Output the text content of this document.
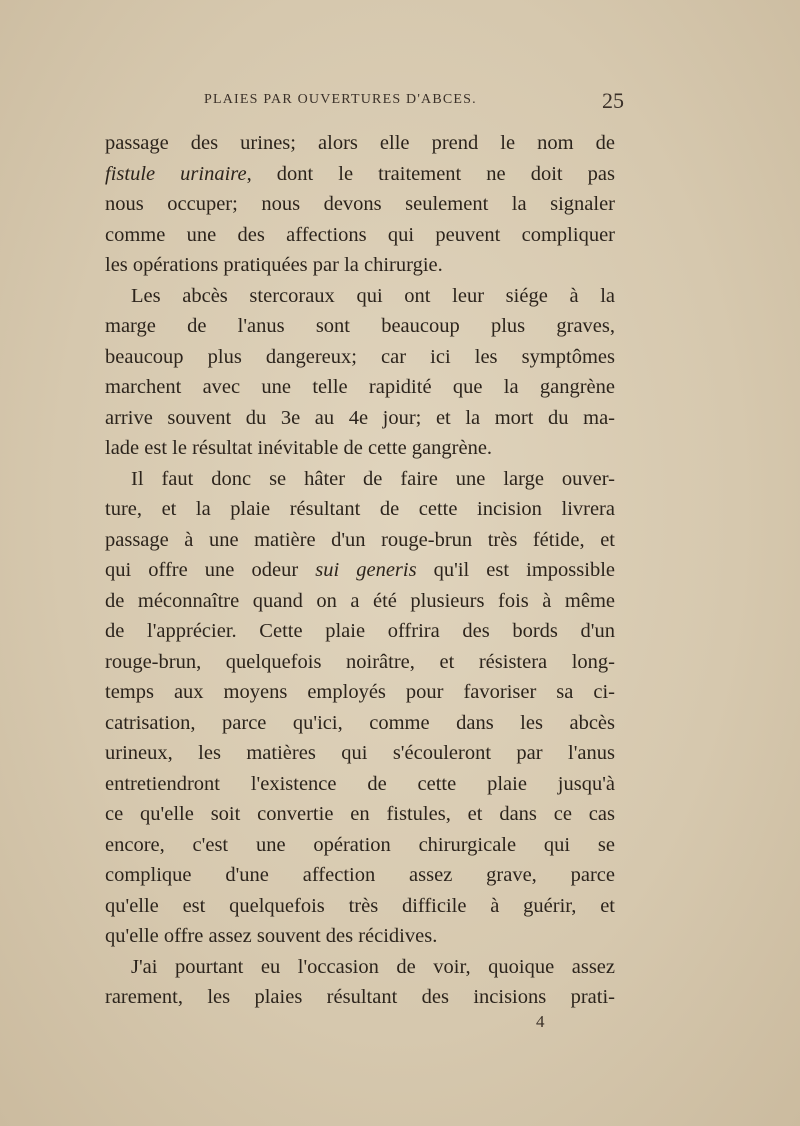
PLAIES PAR OUVERTURES D'ABCES.	25
passage des urines; alors elle prend le nom de
fistule urinaire, dont le traitement ne doit pas
nous occuper; nous devons seulement la signaler
comme une des affections qui peuvent compliquer
les opérations pratiquées par la chirurgie.
Les abcès stercoraux qui ont leur siége à la
marge de l'anus sont beaucoup plus graves,
beaucoup plus dangereux; car ici les symptômes
marchent avec une telle rapidité que la gangrène
arrive souvent du 3e au 4e jour; et la mort du ma-
lade est le résultat inévitable de cette gangrène.
Il faut donc se hâter de faire une large ouver-
ture, et la plaie résultant de cette incision livrera
passage à une matière d'un rouge-brun très fétide, et
qui offre une odeur sui generis qu'il est impossible
de méconnaître quand on a été plusieurs fois à même
de l'apprécier. Cette plaie offrira des bords d'un
rouge-brun, quelquefois noirâtre, et résistera long-
temps aux moyens employés pour favoriser sa ci-
catrisation, parce qu'ici, comme dans les abcès
urineux, les matières qui s'écouleront par l'anus
entretiendront l'existence de cette plaie jusqu'à
ce qu'elle soit convertie en fistules, et dans ce cas
encore, c'est une opération chirurgicale qui se
complique d'une affection assez grave, parce
qu'elle est quelquefois très difficile à guérir, et
qu'elle offre assez souvent des récidives.
J'ai pourtant eu l'occasion de voir, quoique assez
rarement, les plaies résultant des incisions prati-
4
